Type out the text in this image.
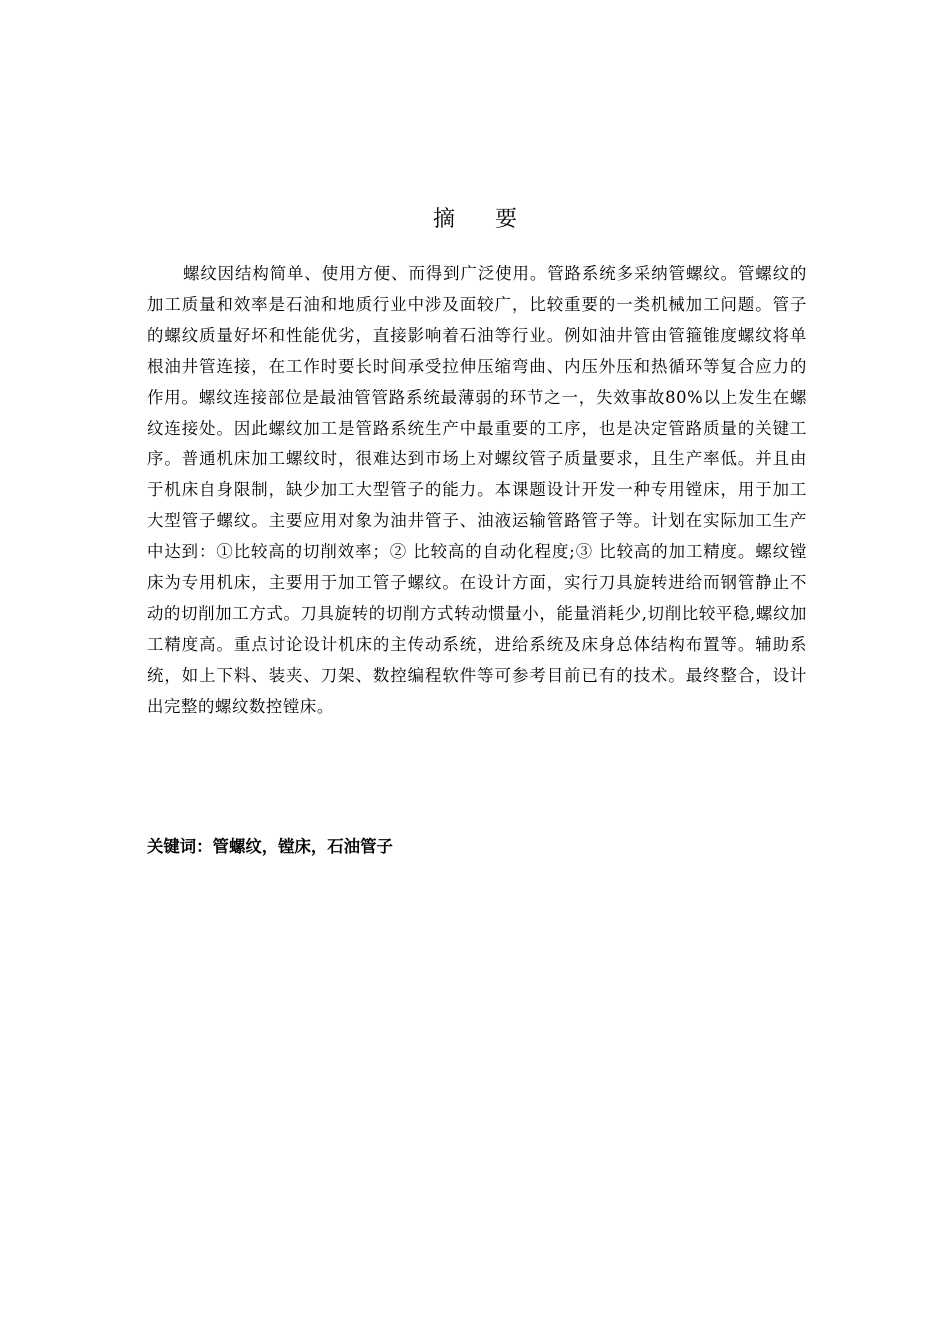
摘要

螺纹因结构简单、使用方便、而得到广泛使用。管路系统多采纳管螺纹。管螺纹的加工质量和效率是石油和地质行业中涉及面较广，比较重要的一类机械加工问题。管子的螺纹质量好坏和性能优劣，直接影响着石油等行业。例如油井管由管箍锥度螺纹将单根油井管连接，在工作时要长时间承受拉伸压缩弯曲、内压外压和热循环等复合应力的作用。螺纹连接部位是最油管管路系统最薄弱的环节之一，失效事故80%以上发生在螺纹连接处。因此螺纹加工是管路系统生产中最重要的工序，也是决定管路质量的关键工序。普通机床加工螺纹时，很难达到市场上对螺纹管子质量要求，且生产率低。并且由于机床自身限制，缺少加工大型管子的能力。本课题设计开发一种专用镗床，用于加工大型管子螺纹。主要应用对象为油井管子、油液运输管路管子等。计划在实际加工生产中达到：①比较高的切削效率；② 比较高的自动化程度;③ 比较高的加工精度。螺纹镗床为专用机床，主要用于加工管子螺纹。在设计方面，实行刀具旋转进给而钢管静止不动的切削加工方式。刀具旋转的切削方式转动惯量小，能量消耗少,切削比较平稳,螺纹加工精度高。重点讨论设计机床的主传动系统，进给系统及床身总体结构布置等。辅助系统，如上下料、装夹、刀架、数控编程软件等可参考目前已有的技术。最终整合，设计出完整的螺纹数控镗床。

关键词：管螺纹，镗床，石油管子
